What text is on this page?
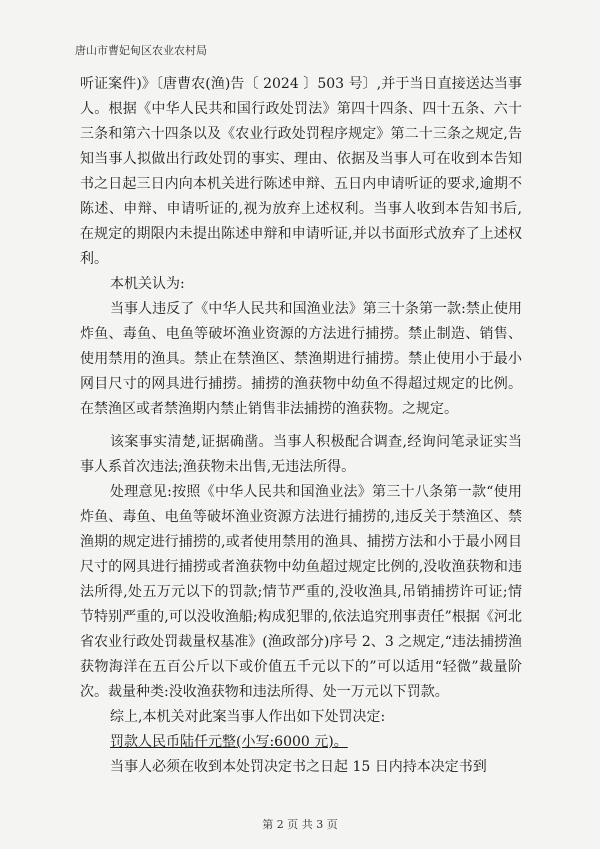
唐山市曹妃甸区农业农村局

听证案件)》〔唐曹农(渔)告〔 2024 〕503 号〕,并于当日直接送达当事人。根据《中华人民共和国行政处罚法》第四十四条、四十五条、六十三条和第六十四条以及《农业行政处罚程序规定》第二十三条之规定,告知当事人拟做出行政处罚的事实、理由、依据及当事人可在收到本告知书之日起三日内向本机关进行陈述申辩、五日内申请听证的要求,逾期不陈述、申辩、申请听证的,视为放弃上述权利。当事人收到本告知书后,在规定的期限内未提出陈述申辩和申请听证,并以书面形式放弃了上述权利。

本机关认为:

当事人违反了《中华人民共和国渔业法》第三十条第一款:禁止使用炸鱼、毒鱼、电鱼等破坏渔业资源的方法进行捕捞。禁止制造、销售、使用禁用的渔具。禁止在禁渔区、禁渔期进行捕捞。禁止使用小于最小网目尺寸的网具进行捕捞。捕捞的渔获物中幼鱼不得超过规定的比例。在禁渔区或者禁渔期内禁止销售非法捕捞的渔获物。之规定。

该案事实清楚,证据确凿。当事人积极配合调查,经询问笔录证实当事人系首次违法;渔获物未出售,无违法所得。

处理意见:按照《中华人民共和国渔业法》第三十八条第一款“使用炸鱼、毒鱼、电鱼等破坏渔业资源方法进行捕捞的,违反关于禁渔区、禁渔期的规定进行捕捞的,或者使用禁用的渔具、捕捞方法和小于最小网目尺寸的网具进行捕捞或者渔获物中幼鱼超过规定比例的,没收渔获物和违法所得,处五万元以下的罚款;情节严重的,没收渔具,吊销捕捞许可证;情节特别严重的,可以没收渔船;构成犯罪的,依法追究刑事责任”根据《河北省农业行政处罚裁量权基准》(渔政部分)序号 2、3 之规定,“违法捕捞渔获物海洋在五百公斤以下或价值五千元以下的”可以适用“轻微”裁量阶次。裁量种类:没收渔获物和违法所得、处一万元以下罚款。

综上,本机关对此案当事人作出如下处罚决定:

罚款人民币陆仟元整(小写:6000 元)。

当事人必须在收到本处罚决定书之日起 15 日内持本决定书到

第 2 页 共 3 页
